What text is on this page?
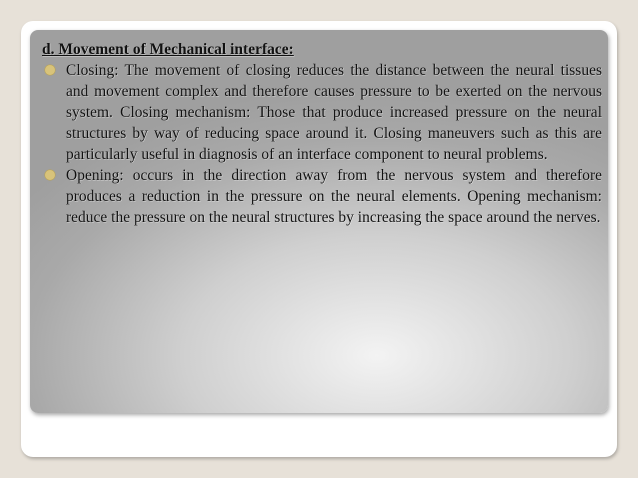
d. Movement of Mechanical interface:

Closing: The movement of closing reduces the distance between the neural tissues and movement complex and therefore causes pressure to be exerted on the nervous system. Closing mechanism: Those that produce increased pressure on the neural structures by way of reducing space around it. Closing maneuvers such as this are particularly useful in diagnosis of an interface component to neural problems.

Opening: occurs in the direction away from the nervous system and therefore produces a reduction in the pressure on the neural elements. Opening mechanism: reduce the pressure on the neural structures by increasing the space around the nerves.
